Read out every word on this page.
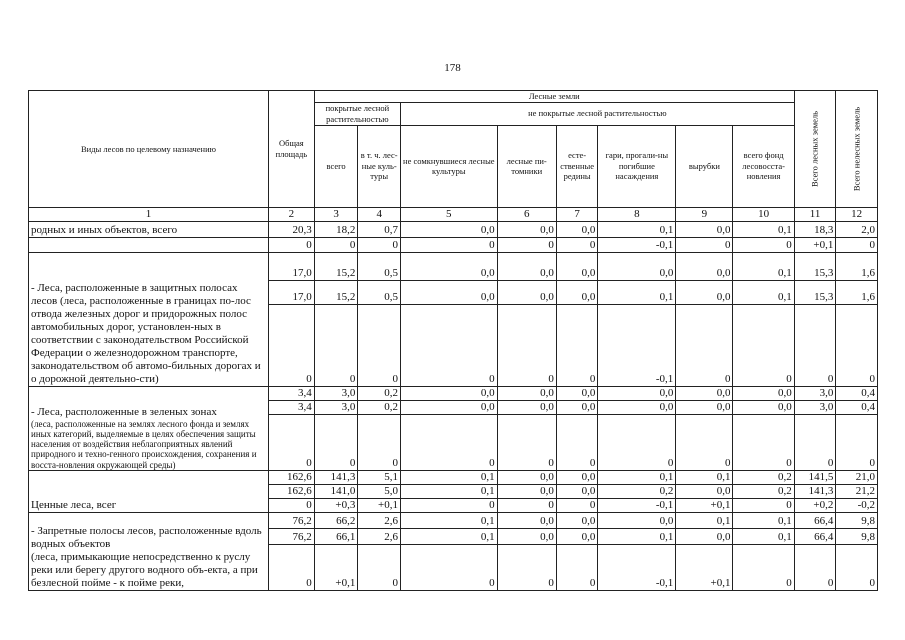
178
Виды лесов по целевому назначению	Общая площадь	Лесные земли								Всего лесных земель	Всего нелесных земель

		покрытые лесной растительностью		не покрытые лесной растительностью							
		всего	в т. ч. лес-ные куль-туры	не сомкнувшиеся лесные культуры	лесные пи-томники	есте-ственные редины	гари, прогали-ны погибшие насаждения	вырубки	всего фонд лесовосста-новления		
1	2	3	4	5	6	7	8	9	10	11	12
родных и иных объектов, всего	20,3	18,2	0,7	0,0	0,0	0,0	0,1	0,0	0,1	18,3	2,0
	0	0	0	0	0	0	-0,1	0	0	+0,1	0
- Леса, расположенные в защитных полосах лесов (леса, расположенные в границах по-лос отвода железных дорог и придорожных полос автомобильных дорог, установлен-ных в соответствии с законодательством Российской Федерации о железнодорожном транспорте, законодательством об автомо-бильных дорогах и о дорожной деятельно-сти)	17,0	15,2	0,5	0,0	0,0	0,0	0,0	0,0	0,1	15,3	1,6
	17,0	15,2	0,5	0,0	0,0	0,0	0,1	0,0	0,1	15,3	1,6
	0	0	0	0	0	0	-0,1	0	0	0	0
- Леса, расположенные в зеленых зонах
(леса, расположенные на землях лесного фонда и землях иных категорий, выделяемые в целях обеспечения защиты населения от воздействия неблагоприятных явлений природного и техно-генного происхождения, сохранения и восста-новления окружающей среды)	3,4	3,0	0,2	0,0	0,0	0,0	0,0	0,0	0,0	3,0	0,4
	3,4	3,0	0,2	0,0	0,0	0,0	0,0	0,0	0,0	3,0	0,4
	0	0	0	0	0	0	0	0	0	0	0
Ценные леса, всег	162,6	141,3	5,1	0,1	0,0	0,0	0,1	0,1	0,2	141,5	21,0
	162,6	141,0	5,0	0,1	0,0	0,0	0,2	0,0	0,2	141,3	21,2
	0	+0,3	+0,1	0	0	0	-0,1	+0,1	0	+0,2	-0,2
- Запретные полосы лесов, расположенные вдоль водных объектов
(леса, примыкающие непосредственно к руслу реки или берегу другого водного объ-екта, а при безлесной пойме - к пойме реки,	76,2	66,2	2,6	0,1	0,0	0,0	0,0	0,1	0,1	66,4	9,8
	76,2	66,1	2,6	0,1	0,0	0,0	0,1	0,0	0,1	66,4	9,8
	0	+0,1	0	0	0	0	-0,1	+0,1	0	0	0
